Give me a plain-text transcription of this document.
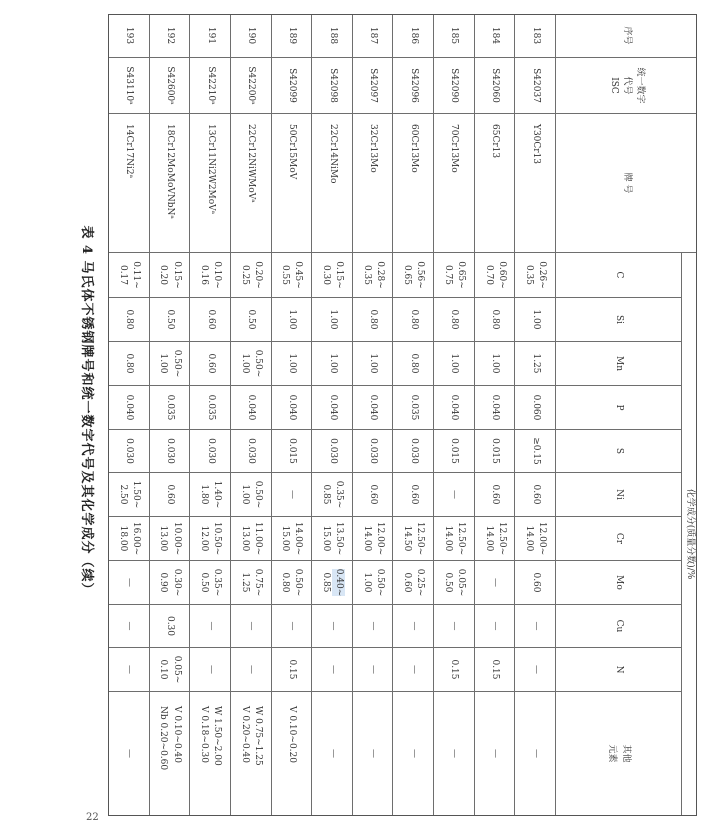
22
表 4 马氏体不锈钢牌号和统一数字代号及其化学成分（续）
序号
统一数字
代号
ISC
牌 号
化学成分(质量分数)/%
C
Si
Mn
P
S
Ni
Cr
Mo
Cu
N
其他
元素
183
S42037
Y30Cr13
0.26~
0.35
1.00
1.25
0.060
≥0.15
0.60
12.00~
14.00
0.60
—
—
—
184
S42060
65Cr13
0.60~
0.70
0.80
1.00
0.040
0.015
0.60
12.50~
14.00
—
—
0.15
—
185
S42090
70Cr13Mo
0.65~
0.75
0.80
1.00
0.040
0.015
—
12.50~
14.00
0.05~
0.50
—
0.15
—
186
S42096
60Cr13Mo
0.56~
0.65
0.80
0.80
0.035
0.030
0.60
12.50~
14.50
0.25~
0.60
—
—
—
187
S42097
32Cr13Mo
0.28~
0.35
0.80
1.00
0.040
0.030
0.60
12.00~
14.00
0.50~
1.00
—
—
—
188
S42098
22Cr14NiMo
0.15~
0.30
1.00
1.00
0.040
0.030
0.35~
0.85
13.50~
15.00
0.40~
0.85
—
—
—
189
S42099
50Cr15MoV
0.45~
0.55
1.00
1.00
0.040
0.015
—
14.00~
15.00
0.50~
0.80
—
0.15
V 0.10~0.20
190
S42200ᵃ
22Cr12NiWMoVᵃ
0.20~
0.25
0.50
0.50~
1.00
0.040
0.030
0.50~
1.00
11.00~
13.00
0.75~
1.25
—
—
W 0.75~1.25
V 0.20~0.40
191
S42210ᵃ
13Cr11Ni2W2MoVᵃ
0.10~
0.16
0.60
0.60
0.035
0.030
1.40~
1.80
10.50~
12.00
0.35~
0.50
—
—
W 1.50~2.00
V 0.18~0.30
192
S42600ᵃ
18Cr12MoMoVNbNᵃ
0.15~
0.20
0.50
0.50~
1.00
0.035
0.030
0.60
10.00~
13.00
0.30~
0.90
0.30
0.05~
0.10
V 0.10~0.40
Nb 0.20~0.60
193
S43110ᵃ
14Cr17Ni2ᵃ
0.11~
0.17
0.80
0.80
0.040
0.030
1.50~
2.50
16.00~
18.00
—
—
—
—
